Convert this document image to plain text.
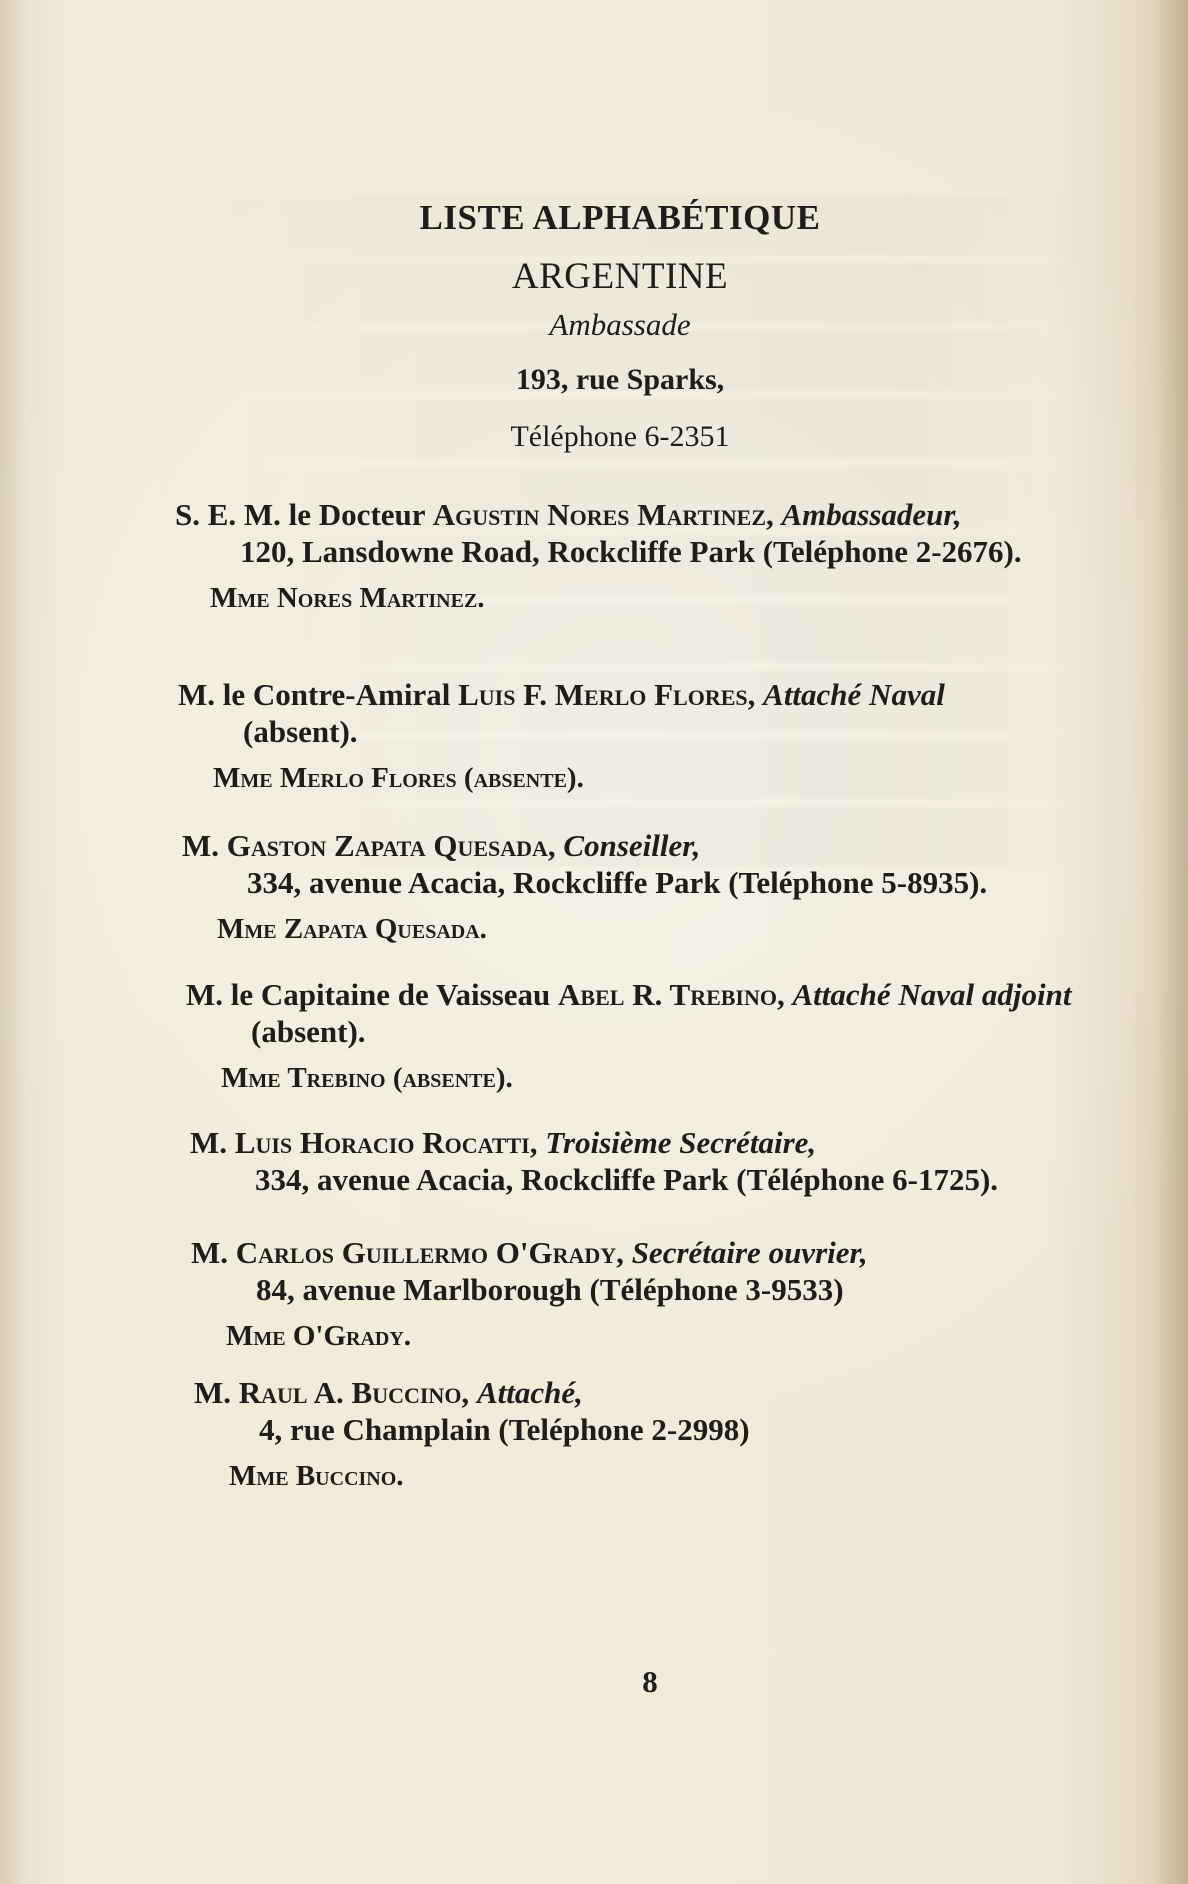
LISTE ALPHABÉTIQUE
ARGENTINE
Ambassade
193, rue Sparks,
Téléphone 6-2351
S. E. M. le Docteur Agustin Nores Martinez, Ambassadeur,
120, Lansdowne Road, Rockcliffe Park (Teléphone 2-2676).
Mme Nores Martinez.
M. le Contre-Amiral Luis F. Merlo Flores, Attaché Naval
(absent).
Mme Merlo Flores (absente).
M. Gaston Zapata Quesada, Conseiller,
334, avenue Acacia, Rockcliffe Park (Teléphone 5-8935).
Mme Zapata Quesada.
M. le Capitaine de Vaisseau Abel R. Trebino, Attaché Naval adjoint
(absent).
Mme Trebino (absente).
M. Luis Horacio Rocatti, Troisième Secrétaire,
334, avenue Acacia, Rockcliffe Park (Téléphone 6-1725).
M. Carlos Guillermo O'Grady, Secrétaire ouvrier,
84, avenue Marlborough (Téléphone 3-9533)
Mme O'Grady.
M. Raul A. Buccino, Attaché,
4, rue Champlain (Teléphone 2-2998)
Mme Buccino.
8
